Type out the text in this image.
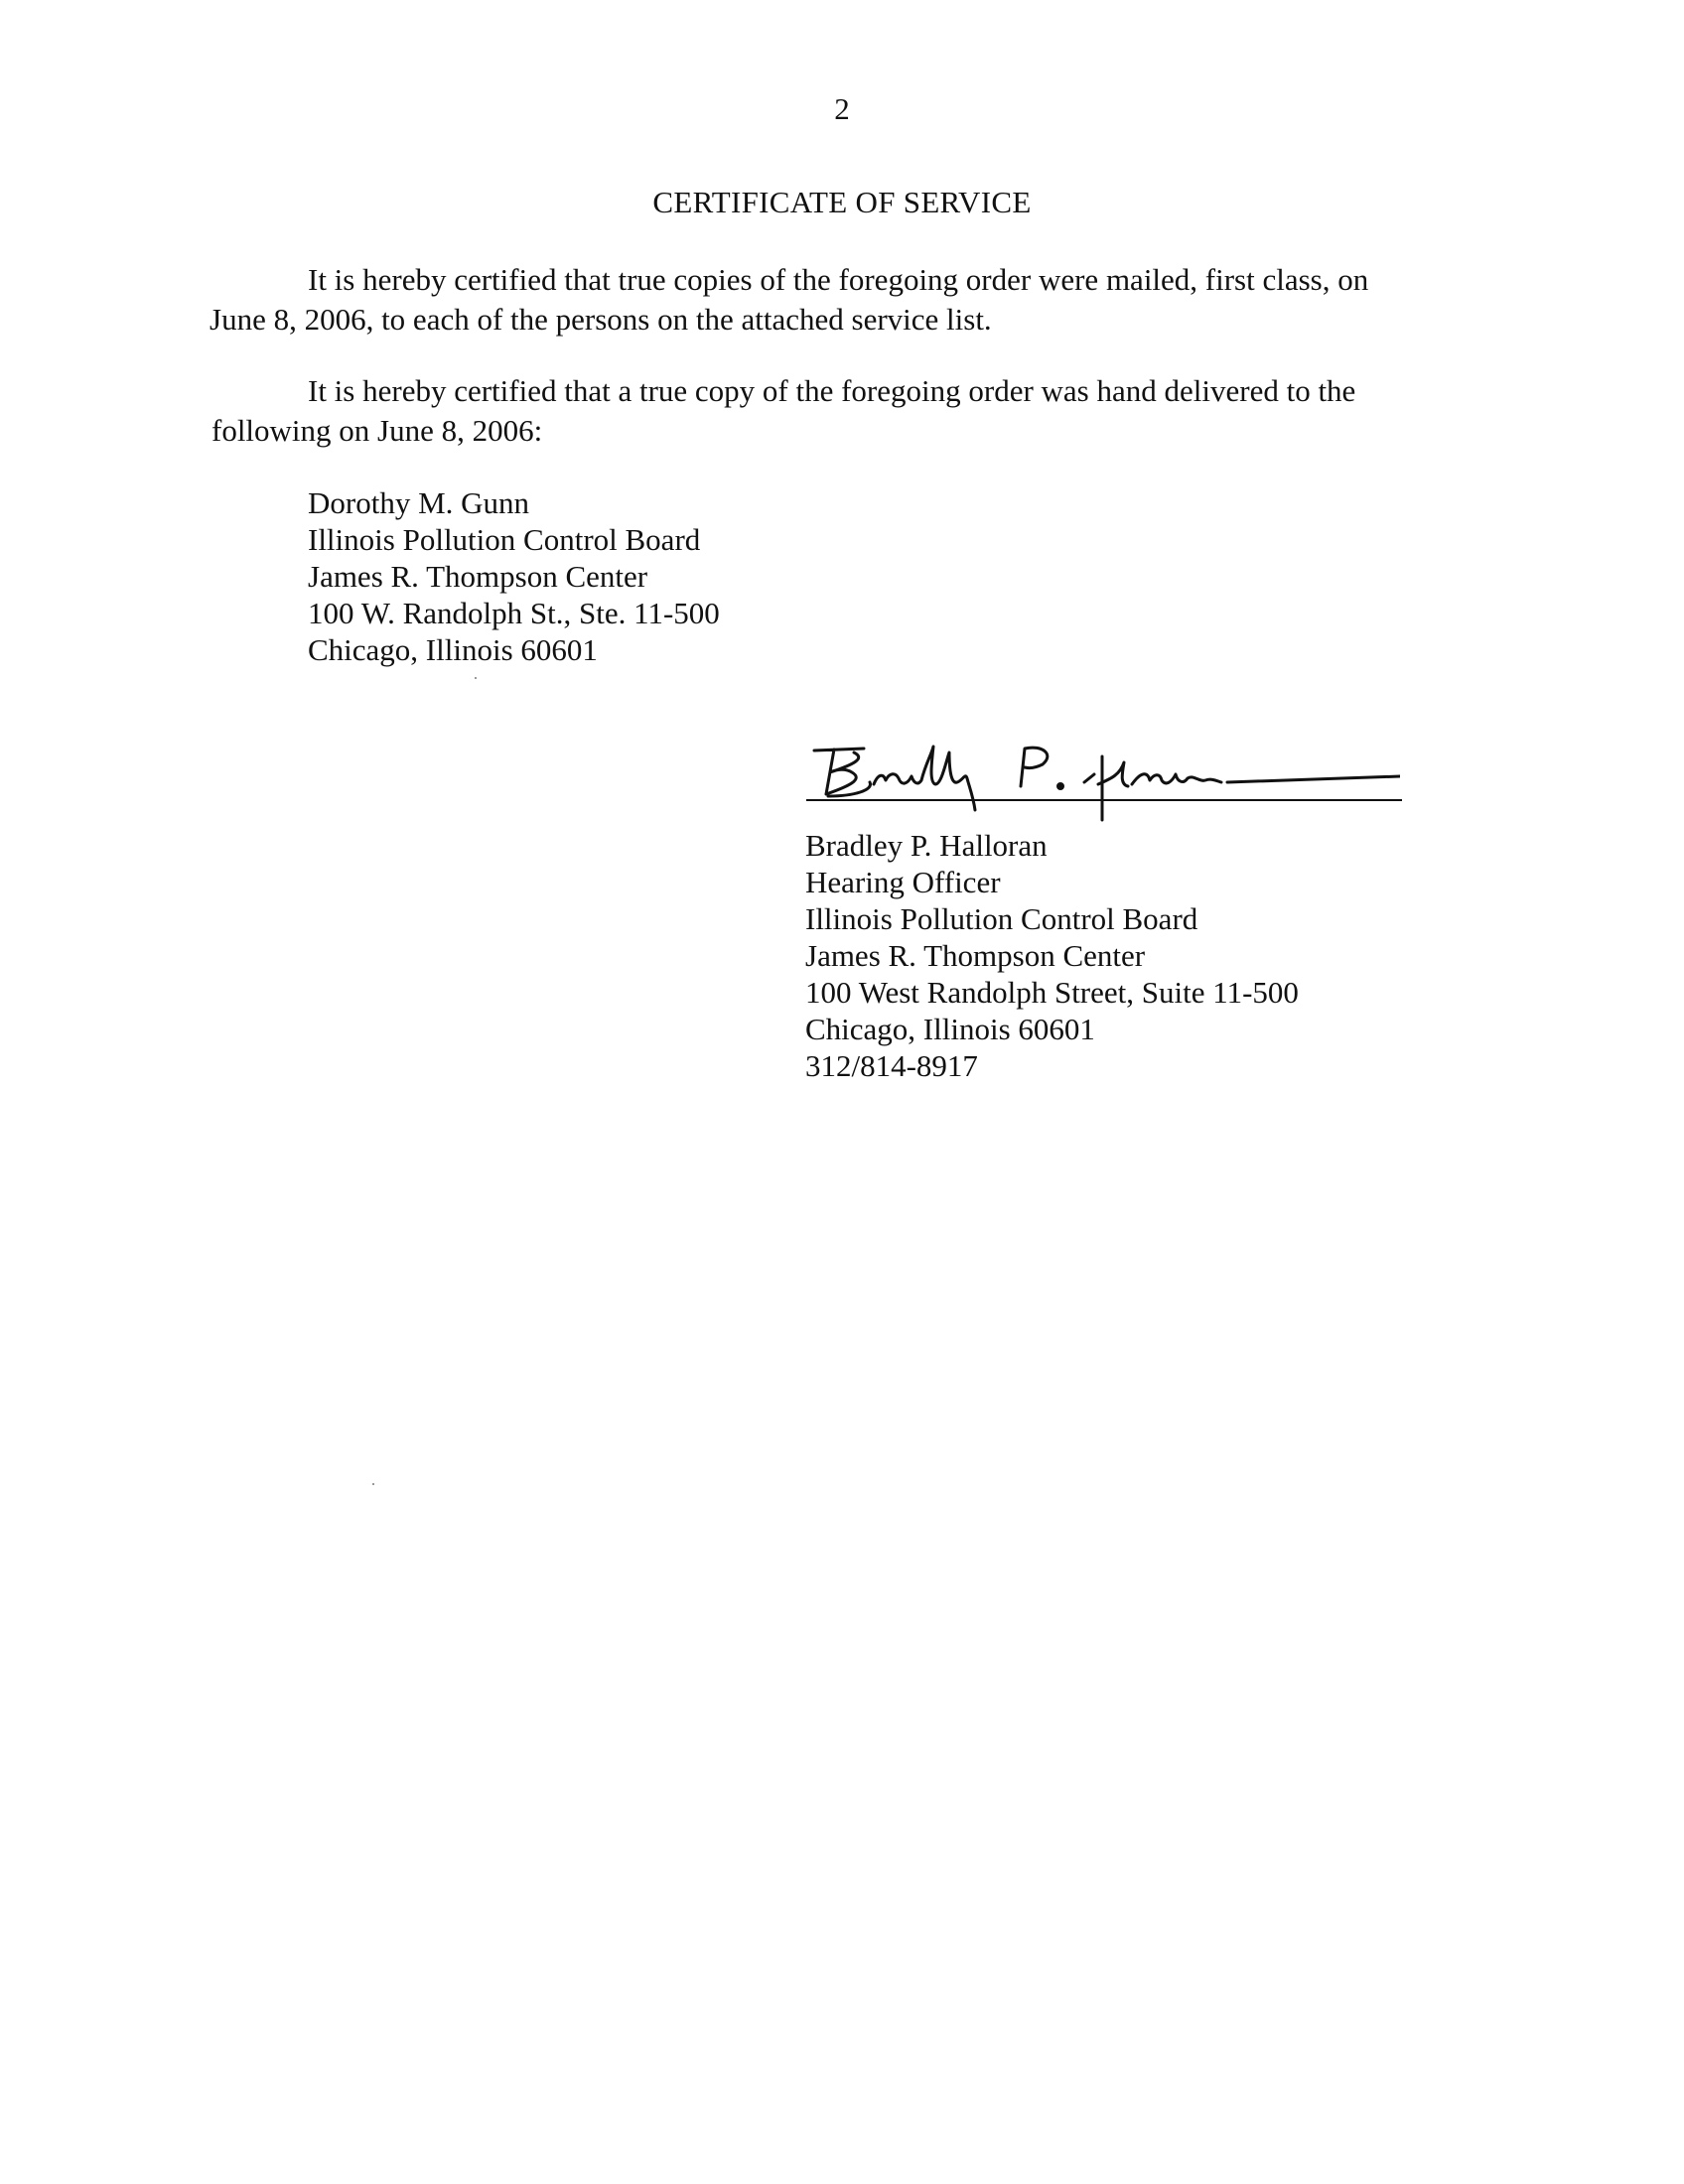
2
CERTIFICATE OF SERVICE
It is hereby certified that true copies of the foregoing order were mailed, first class, on
June 8, 2006, to each of the persons on the attached service list.
It is hereby certified that a true copy of the foregoing order was hand delivered to the
following on June 8, 2006:
Dorothy M. Gunn
Illinois Pollution Control Board
James R. Thompson Center
100 W. Randolph St., Ste. 11-500
Chicago, Illinois 60601
Bradley P. Halloran
Hearing Officer
Illinois Pollution Control Board
James R. Thompson Center
100 West Randolph Street, Suite 11-500
Chicago, Illinois 60601
312/814-8917
